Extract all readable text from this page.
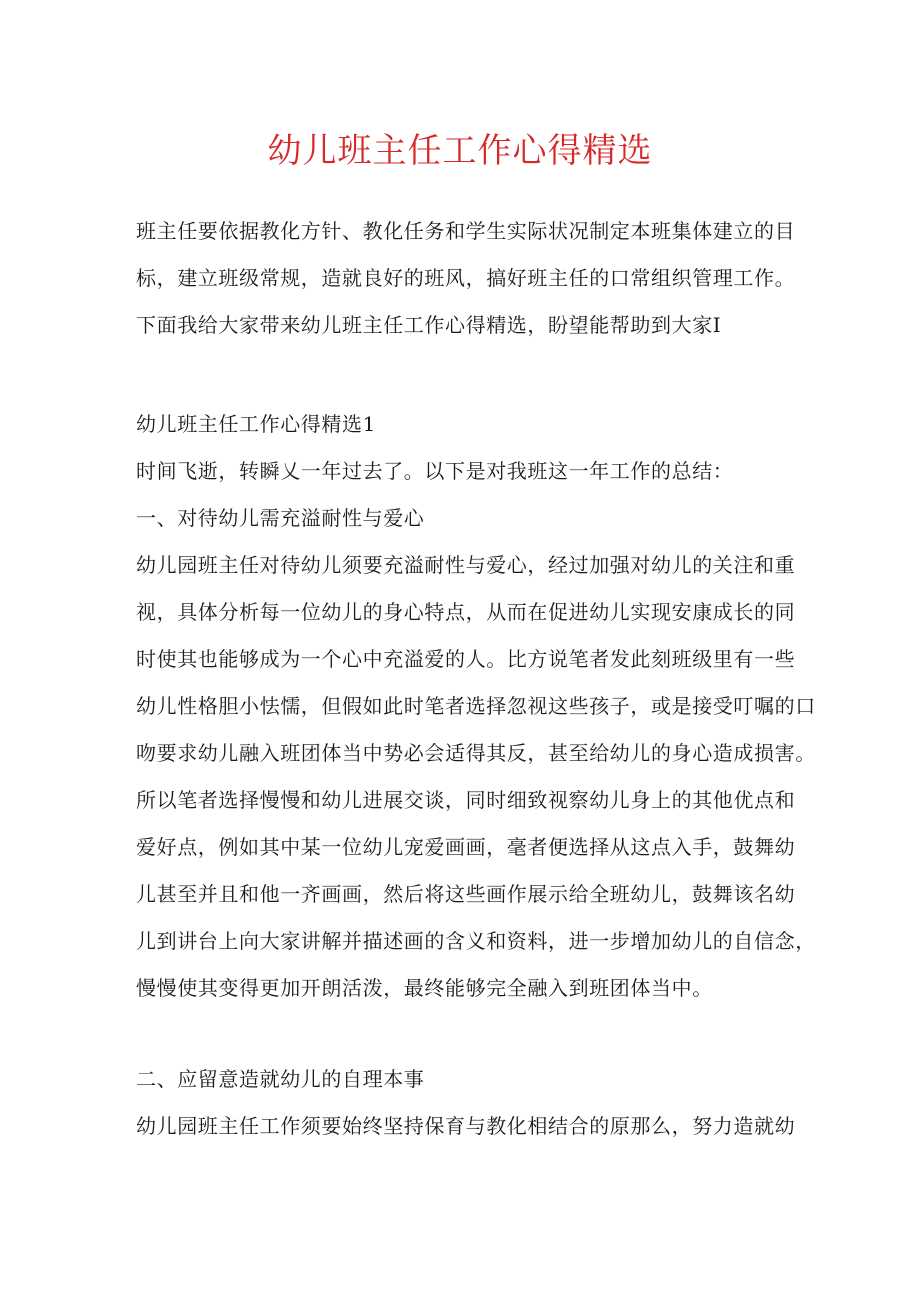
幼儿班主任工作心得精选
班主任要依据教化方针、教化任务和学生实际状况制定本班集体建立的目
标，建立班级常规，造就良好的班风，搞好班主任的口常组织管理工作。
下面我给大家带来幼儿班主任工作心得精选，盼望能帮助到大家I
幼儿班主任工作心得精选1
时间飞逝，转瞬乂一年过去了。以下是对我班这一年工作的总结：
一、对待幼儿需充溢耐性与爱心
幼儿园班主任对待幼儿须要充溢耐性与爱心，经过加强对幼儿的关注和重
视，具体分析每一位幼儿的身心特点，从而在促进幼儿实现安康成长的同
时使其也能够成为一个心中充溢爱的人。比方说笔者发此刻班级里有一些
幼儿性格胆小怯懦，但假如此时笔者选择忽视这些孩子，或是接受叮嘱的口
吻要求幼儿融入班团体当中势必会适得其反，甚至给幼儿的身心造成损害。
所以笔者选择慢慢和幼儿进展交谈，同时细致视察幼儿身上的其他优点和
爱好点，例如其中某一位幼儿宠爱画画，毫者便选择从这点入手，鼓舞幼
儿甚至并且和他一齐画画，然后将这些画作展示给全班幼儿，鼓舞该名幼
儿到讲台上向大家讲解并描述画的含义和资料，进一步增加幼儿的自信念，
慢慢使其变得更加开朗活泼，最终能够完全融入到班团体当中。
二、应留意造就幼儿的自理本事
幼儿园班主任工作须要始终坚持保育与教化相结合的原那么，努力造就幼
